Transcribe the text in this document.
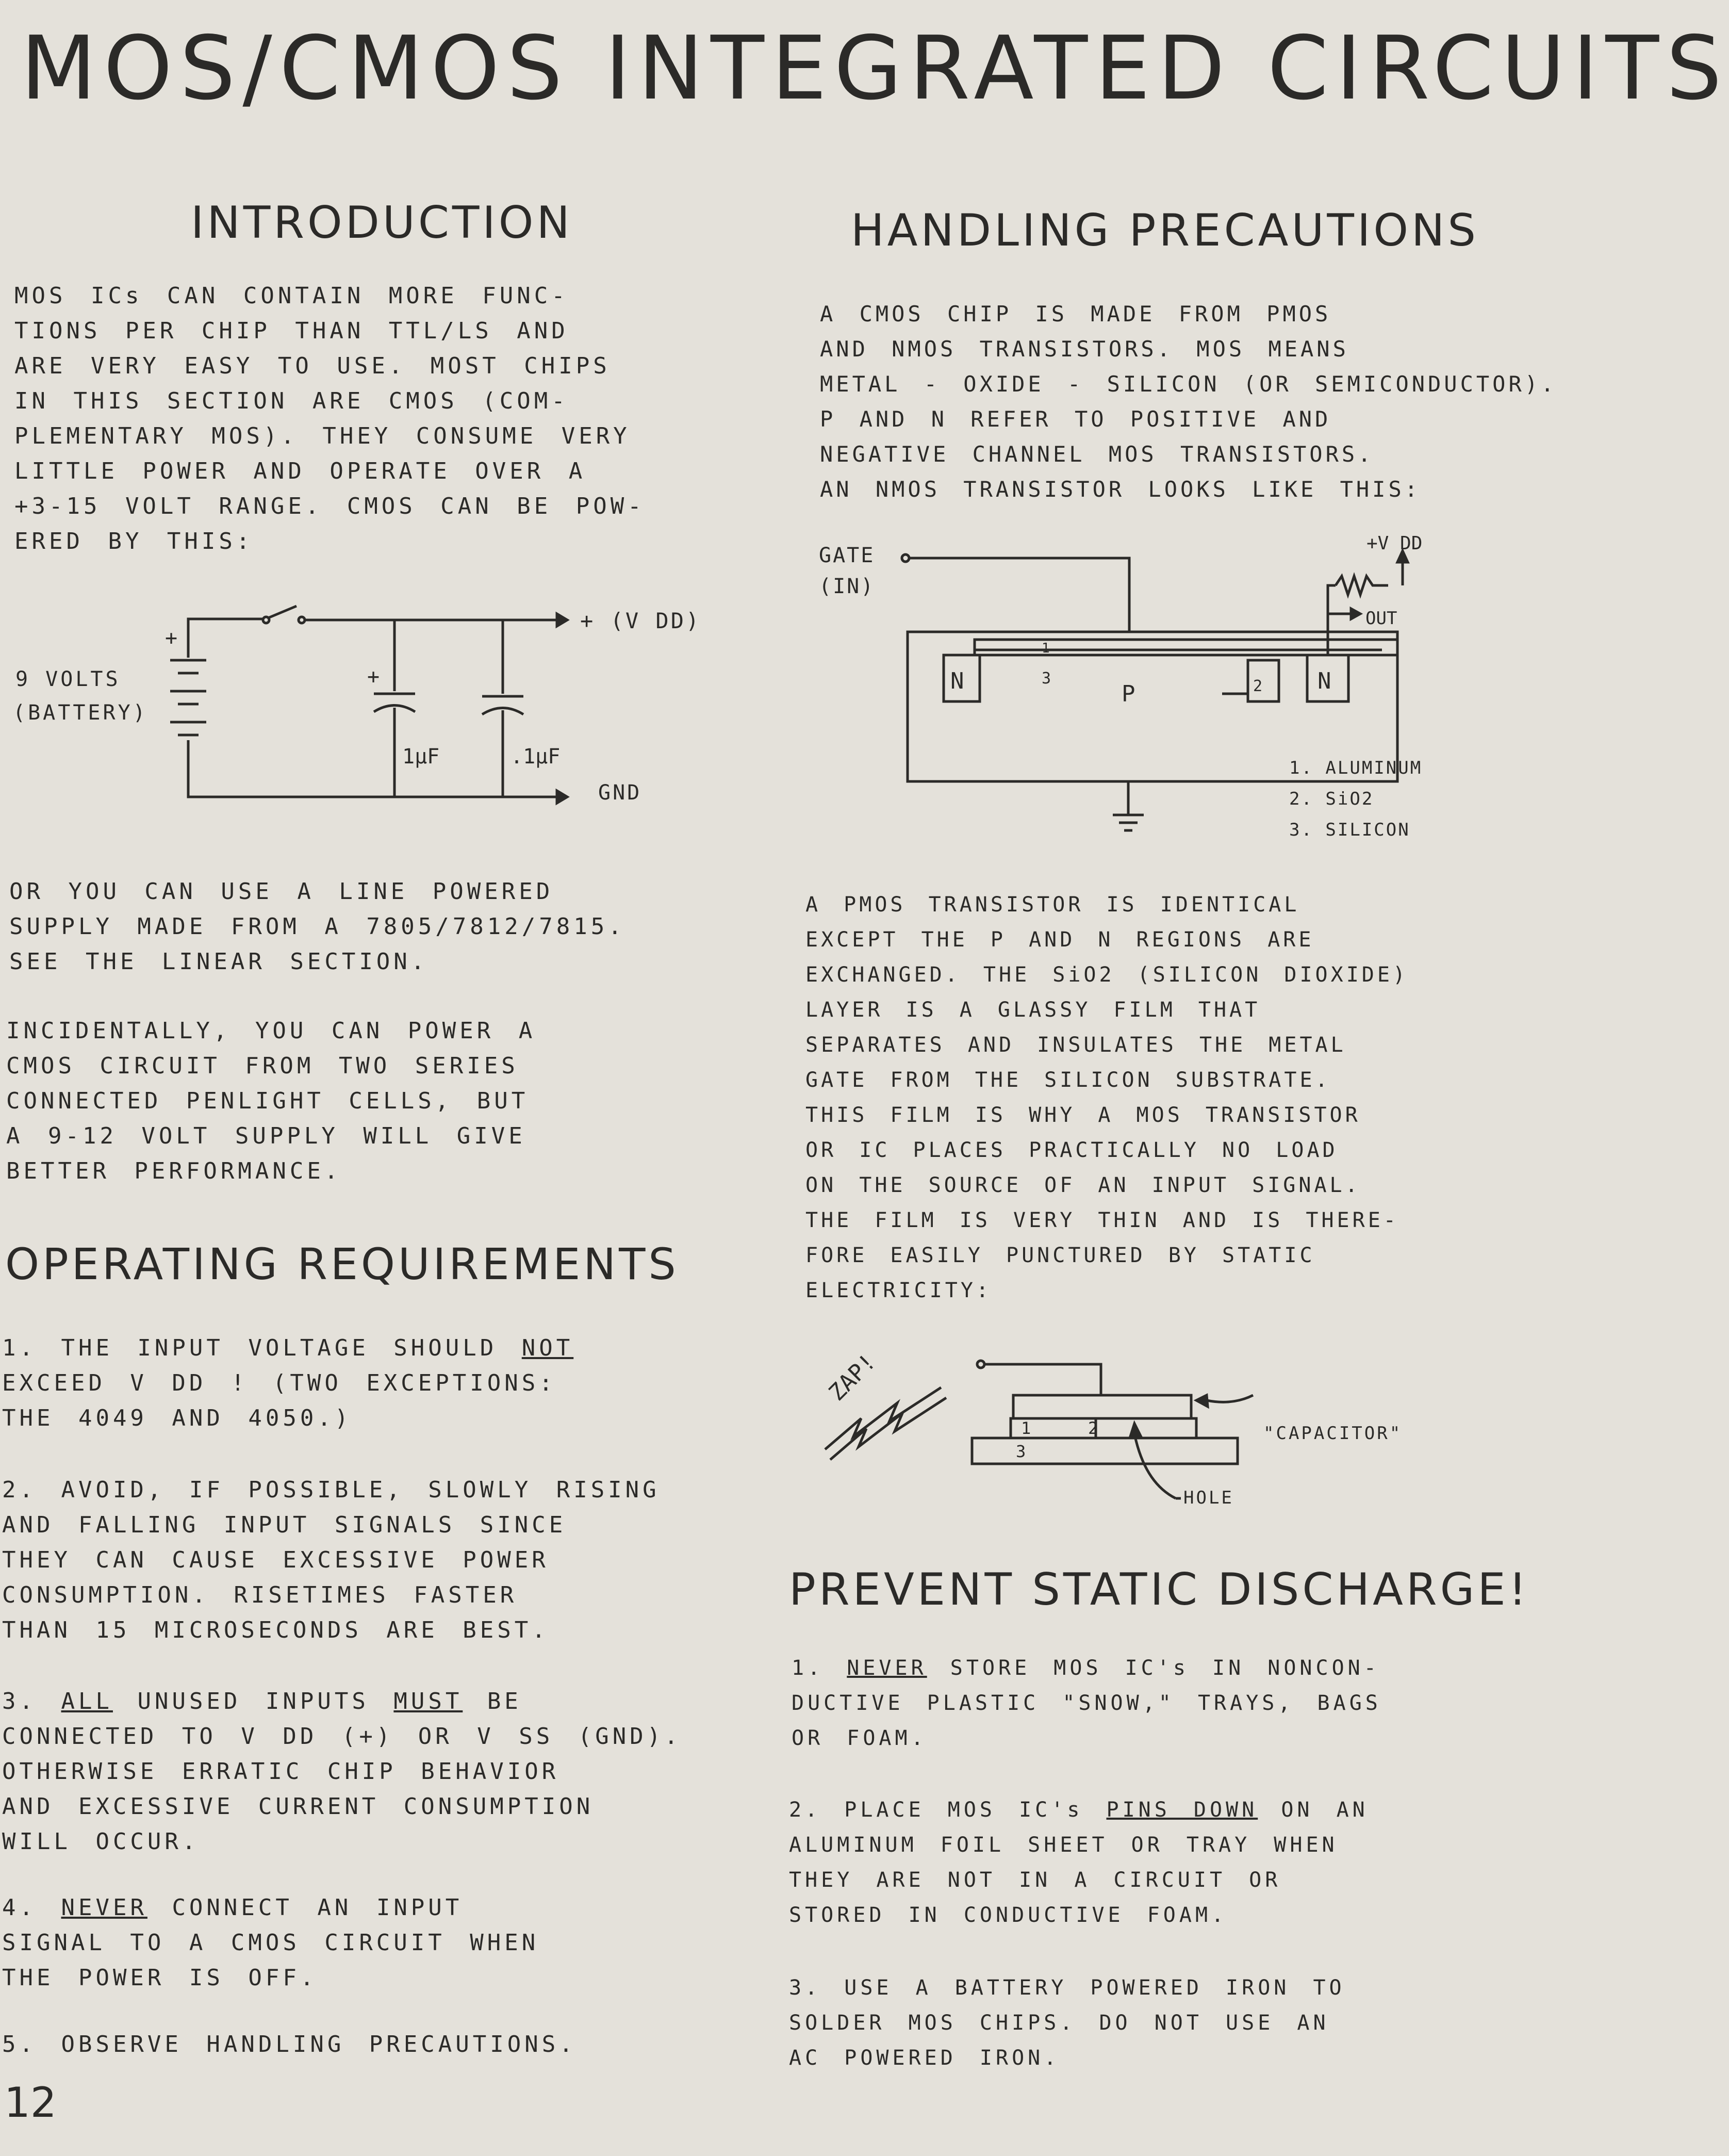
MOS/CMOS INTEGRATED CIRCUITS
INTRODUCTION
MOS ICs CAN CONTAIN MORE FUNC-
TIONS PER CHIP THAN TTL/LS AND
ARE VERY EASY TO USE. MOST CHIPS
IN THIS SECTION ARE CMOS (COM-
PLEMENTARY MOS). THEY CONSUME VERY
LITTLE POWER AND OPERATE OVER A
+3-15 VOLT RANGE. CMOS CAN BE POW-
ERED BY THIS:
+
+
+ (V DD)
GND
9 VOLTS
(BATTERY)
1µF	.1µF
OR YOU CAN USE A LINE POWERED
SUPPLY MADE FROM A 7805/7812/7815.
SEE THE LINEAR SECTION.
INCIDENTALLY, YOU CAN POWER A
CMOS CIRCUIT FROM TWO SERIES
CONNECTED PENLIGHT CELLS, BUT
A 9-12 VOLT SUPPLY WILL GIVE
BETTER PERFORMANCE.
OPERATING REQUIREMENTS
1. THE INPUT VOLTAGE SHOULD NOT
EXCEED V DD ! (TWO EXCEPTIONS:
THE 4049 AND 4050.)
2. AVOID, IF POSSIBLE, SLOWLY RISING
AND FALLING INPUT SIGNALS SINCE
THEY CAN CAUSE EXCESSIVE POWER
CONSUMPTION. RISETIMES FASTER
THAN 15 MICROSECONDS ARE BEST.
3. ALL UNUSED INPUTS MUST BE
CONNECTED TO V DD (+) OR V SS (GND).
OTHERWISE ERRATIC CHIP BEHAVIOR
AND EXCESSIVE CURRENT CONSUMPTION
WILL OCCUR.
4. NEVER CONNECT AN INPUT
SIGNAL TO A CMOS CIRCUIT WHEN
THE POWER IS OFF.
5. OBSERVE HANDLING PRECAUTIONS.
12
HANDLING PRECAUTIONS
A CMOS CHIP IS MADE FROM PMOS
AND NMOS TRANSISTORS. MOS MEANS
METAL - OXIDE - SILICON (OR SEMICONDUCTOR).
P AND N REFER TO POSITIVE AND
NEGATIVE CHANNEL MOS TRANSISTORS.
AN NMOS TRANSISTOR LOOKS LIKE THIS:
GATE
(IN)
+V DD
OUT
N	N
P
3
1
2
1. ALUMINUM
2. SiO2
3. SILICON
A PMOS TRANSISTOR IS IDENTICAL
EXCEPT THE P AND N REGIONS ARE
EXCHANGED. THE SiO2 (SILICON DIOXIDE)
LAYER IS A GLASSY FILM THAT
SEPARATES AND INSULATES THE METAL
GATE FROM THE SILICON SUBSTRATE.
THIS FILM IS WHY A MOS TRANSISTOR
OR IC PLACES PRACTICALLY NO LOAD
ON THE SOURCE OF AN INPUT SIGNAL.
THE FILM IS VERY THIN AND IS THERE-
FORE EASILY PUNCTURED BY STATIC
ELECTRICITY:
ZAP!
1	2
3
"CAPACITOR"
HOLE
PREVENT STATIC DISCHARGE!
1. NEVER STORE MOS IC's IN NONCON-
DUCTIVE PLASTIC "SNOW," TRAYS, BAGS
OR FOAM.
2. PLACE MOS IC's PINS DOWN ON AN
ALUMINUM FOIL SHEET OR TRAY WHEN
THEY ARE NOT IN A CIRCUIT OR
STORED IN CONDUCTIVE FOAM.
3. USE A BATTERY POWERED IRON TO
SOLDER MOS CHIPS. DO NOT USE AN
AC POWERED IRON.
